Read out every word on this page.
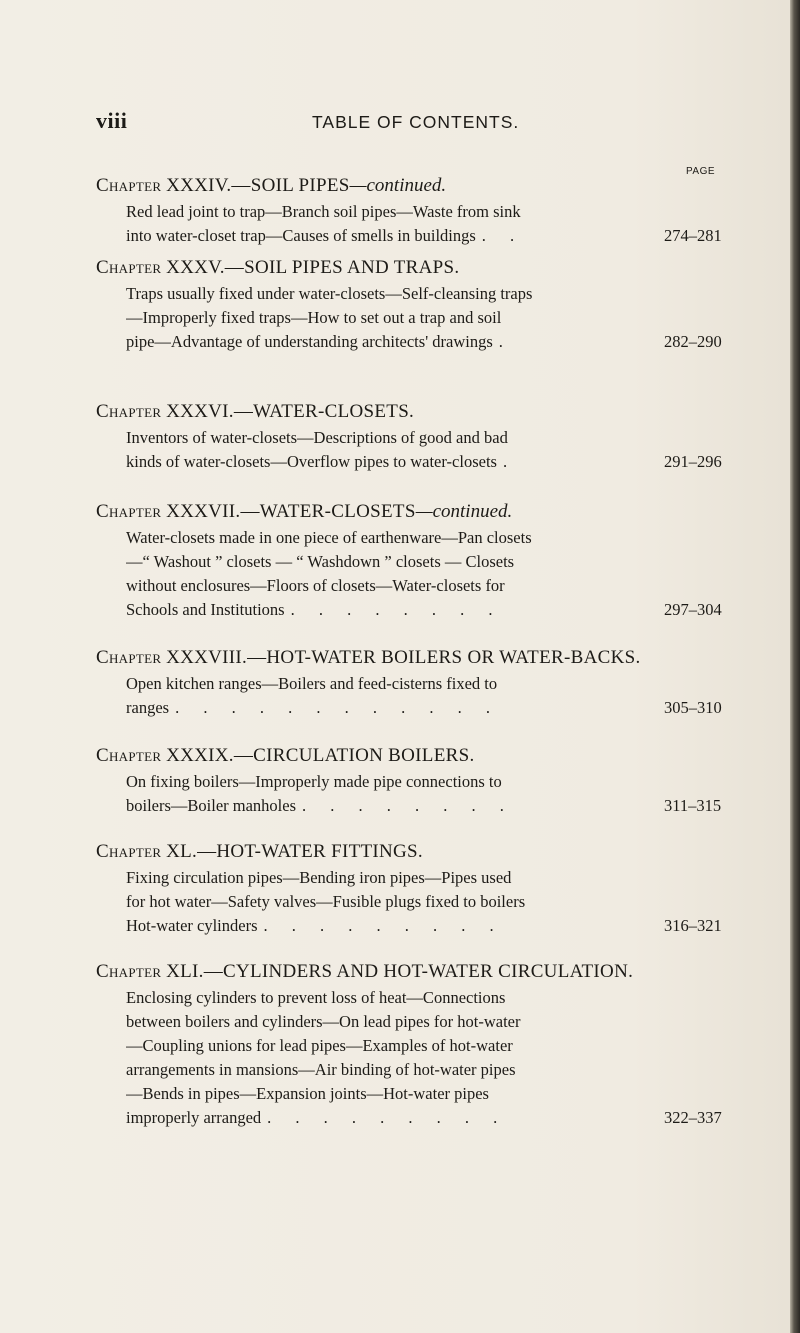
viii	TABLE OF CONTENTS.
PAGE
Chapter XXXIV.—SOIL PIPES—continued.
Red lead joint to trap—Branch soil pipes—Waste from sink
into water-closet trap—Causes of smells in buildings . .	274–281
Chapter XXXV.—SOIL PIPES AND TRAPS.
Traps usually fixed under water-closets—Self-cleansing traps
—Improperly fixed traps—How to set out a trap and soil
pipe—Advantage of understanding architects' drawings .	282–290
Chapter XXXVI.—WATER-CLOSETS.
Inventors of water-closets—Descriptions of good and bad
kinds of water-closets—Overflow pipes to water-closets .	291–296
Chapter XXXVII.—WATER-CLOSETS—continued.
Water-closets made in one piece of earthenware—Pan closets
—“ Washout ” closets — “ Washdown ” closets — Closets
without enclosures—Floors of closets—Water-closets for
Schools and Institutions . . . . . . . .	297–304
Chapter XXXVIII.—HOT-WATER BOILERS OR WATER-BACKS.
Open kitchen ranges—Boilers and feed-cisterns fixed to
ranges . . . . . . . . . . . .	305–310
Chapter XXXIX.—CIRCULATION BOILERS.
On fixing boilers—Improperly made pipe connections to
boilers—Boiler manholes . . . . . . . .	311–315
Chapter XL.—HOT-WATER FITTINGS.
Fixing circulation pipes—Bending iron pipes—Pipes used
for hot water—Safety valves—Fusible plugs fixed to boilers
Hot-water cylinders . . . . . . . . .	316–321
Chapter XLI.—CYLINDERS AND HOT-WATER CIRCULATION.
Enclosing cylinders to prevent loss of heat—Connections
between boilers and cylinders—On lead pipes for hot-water
—Coupling unions for lead pipes—Examples of hot-water
arrangements in mansions—Air binding of hot-water pipes
—Bends in pipes—Expansion joints—Hot-water pipes
improperly arranged . . . . . . . . .	322–337
